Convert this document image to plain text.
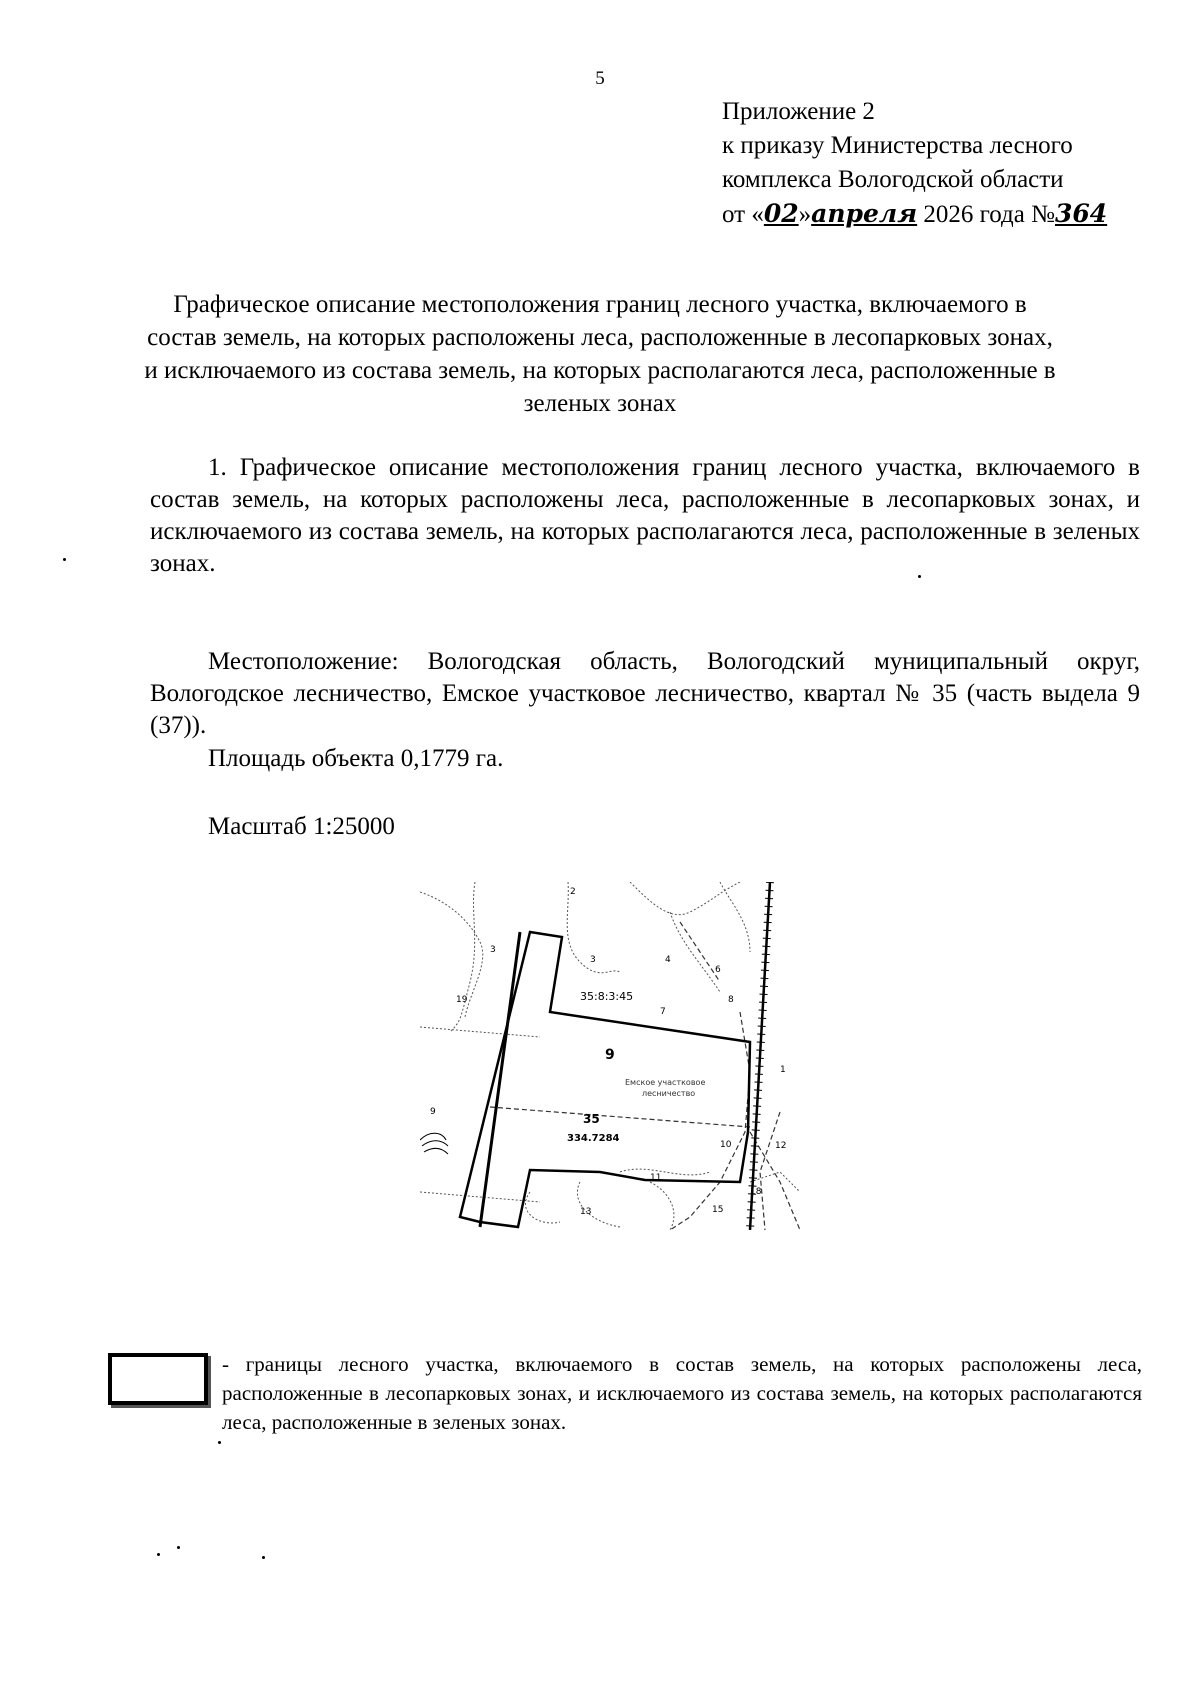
5
Приложение 2
к приказу Министерства лесного
комплекса Вологодской области
от «02»апреля 2026 года №364
Графическое описание местоположения границ лесного участка, включаемого в состав земель, на которых расположены леса, расположенные в лесопарковых зонах, и исключаемого из состава земель, на которых располагаются леса, расположенные в зеленых зонах
1. Графическое описание местоположения границ лесного участка, включаемого в состав земель, на которых расположены леса, расположенные в лесопарковых зонах, и исключаемого из состава земель, на которых располагаются леса, расположенные в зеленых зонах.
Местоположение: Вологодская область, Вологодский муниципальный округ, Вологодское лесничество, Емское участковое лесничество, квартал № 35 (часть выдела 9 (37)).
Площадь объекта 0,1779 га.
Масштаб 1:25000
2
3
3	4
6
7
8
19
9
10
11
12
13	15
18
1
35:8:3:45
9
Емское участковое
лесничество
35
334.7284
- границы лесного участка, включаемого в состав земель, на которых расположены леса, расположенные в лесопарковых зонах, и исключаемого из состава земель, на которых располагаются леса, расположенные в зеленых зонах.
